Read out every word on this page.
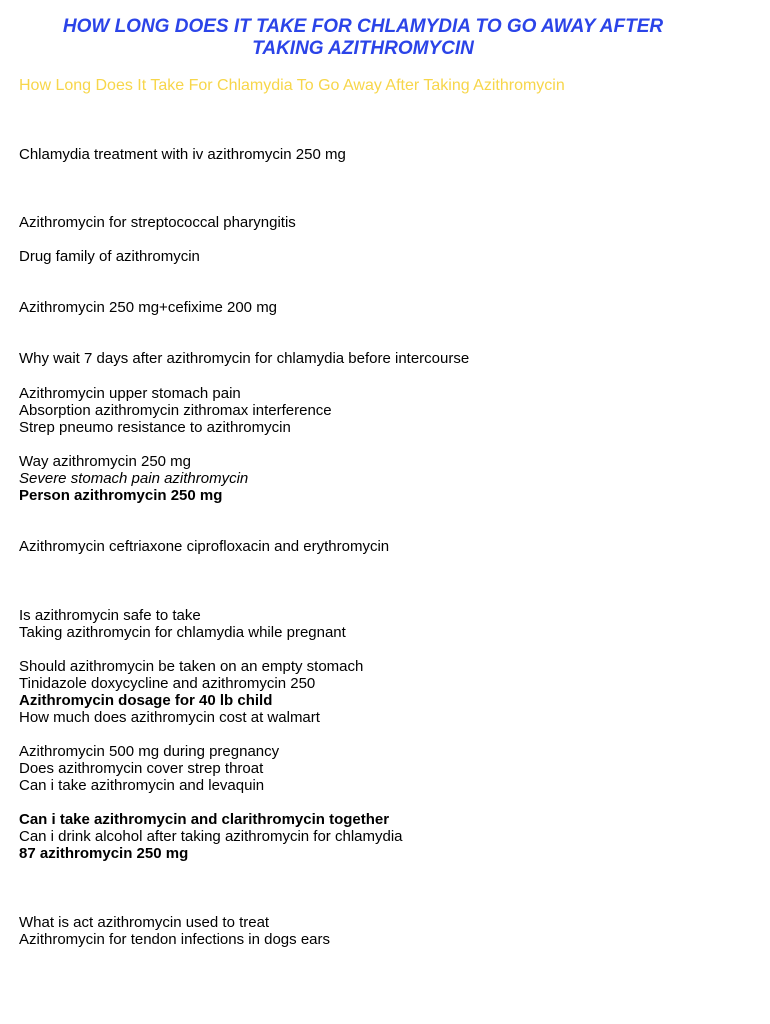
HOW LONG DOES IT TAKE FOR CHLAMYDIA TO GO AWAY AFTER
TAKING AZITHROMYCIN

How Long Does It Take For Chlamydia To Go Away After Taking Azithromycin

Chlamydia treatment with iv azithromycin 250 mg

Azithromycin for streptococcal pharyngitis

Drug family of azithromycin

Azithromycin 250 mg+cefixime 200 mg

Why wait 7 days after azithromycin for chlamydia before intercourse

Azithromycin upper stomach pain

Absorption azithromycin zithromax interference

Strep pneumo resistance to azithromycin

Way azithromycin 250 mg

Severe stomach pain azithromycin

Person azithromycin 250 mg

Azithromycin ceftriaxone ciprofloxacin and erythromycin

Is azithromycin safe to take

Taking azithromycin for chlamydia while pregnant

Should azithromycin be taken on an empty stomach

Tinidazole doxycycline and azithromycin 250

Azithromycin dosage for 40 lb child

How much does azithromycin cost at walmart

Azithromycin 500 mg during pregnancy

Does azithromycin cover strep throat

Can i take azithromycin and levaquin

Can i take azithromycin and clarithromycin together

Can i drink alcohol after taking azithromycin for chlamydia

87 azithromycin 250 mg

What is act azithromycin used to treat

Azithromycin for tendon infections in dogs ears
